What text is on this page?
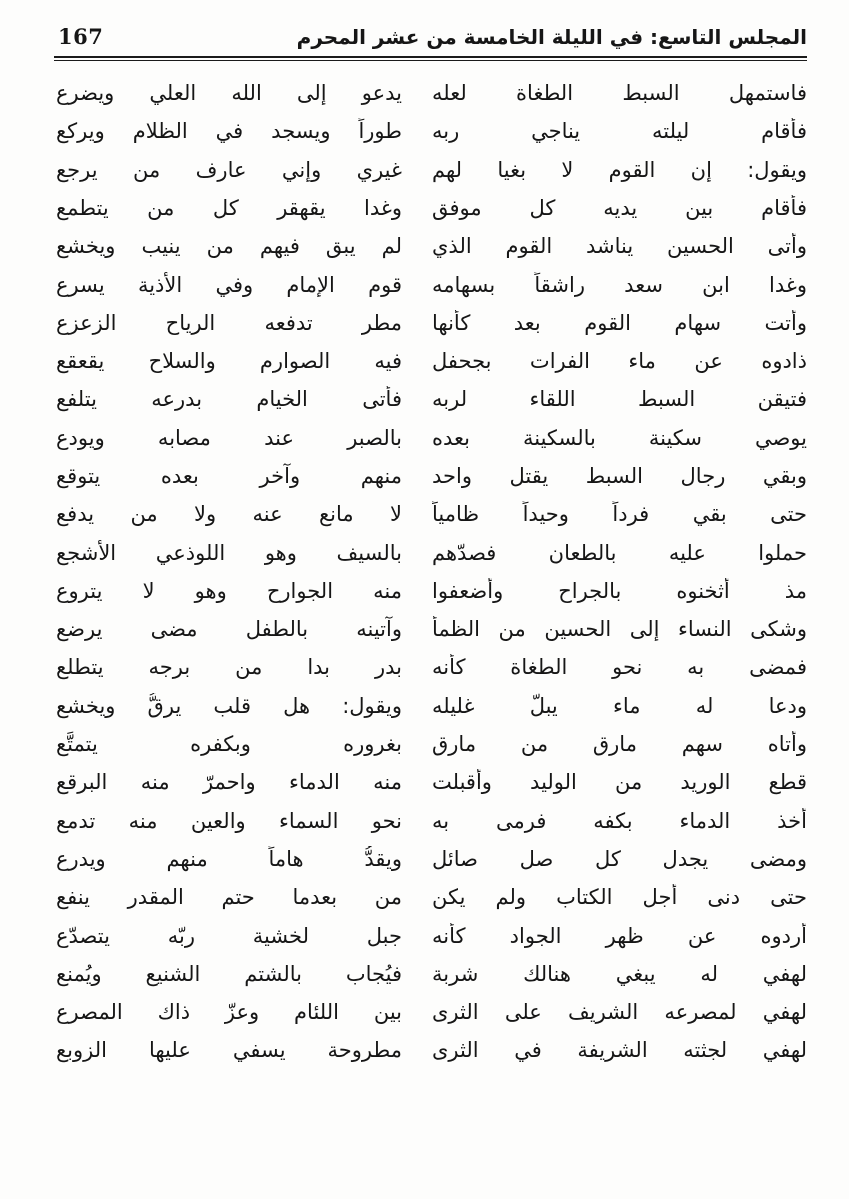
167	المجلس التاسع: في الليلة الخامسة من عشر المحرم
فاستمهل السبط الطغاة لعله
يدعو إلى الله العلي ويضرع
فأقام ليلته يناجي ربه
طوراً ويسجد في الظلام ويركع
ويقول: إن القوم لا بغيا لهم
غيري وإني عارف من يرجع
فأقام بين يديه كل موفق
وغدا يقهقر كل من يتطمع
وأتى الحسين يناشد القوم الذي
لم يبق فيهم من ينيب ويخشع
وغدا ابن سعد راشقاً بسهامه
قوم الإمام وفي الأذية يسرع
وأتت سهام القوم بعد كأنها
مطر تدفعه الرياح الزعزع
ذادوه عن ماء الفرات بجحفل
فيه الصوارم والسلاح يقعقع
فتيقن السبط اللقاء لربه
فأتى الخيام بدرعه يتلفع
يوصي سكينة بالسكينة بعده
بالصبر عند مصابه ويودع
وبقي رجال السبط يقتل واحد
منهم وآخر بعده يتوقع
حتى بقي فرداً وحيداً ظامياً
لا مانع عنه ولا من يدفع
حملوا عليه بالطعان فصدّهم
بالسيف وهو اللوذعي الأشجع
مذ أثخنوه بالجراح وأضعفوا
منه الجوارح وهو لا يتروع
وشكى النساء إلى الحسين من الظمأ
وآتينه بالطفل مضى يرضع
فمضى به نحو الطغاة كأنه
بدر بدا من برجه يتطلع
ودعا له ماء يبلّ غليله
ويقول: هل قلب يرقُّ ويخشع
وأتاه سهم مارق من مارق
بغروره وبكفره يتمتَّع
قطع الوريد من الوليد وأقبلت
منه الدماء واحمرّ منه البرقع
أخذ الدماء بكفه فرمى به
نحو السماء والعين منه تدمع
ومضى يجدل كل صل صائل
ويقدُّ هاماً منهم ويدرع
حتى دنى أجل الكتاب ولم يكن
من بعدما حتم المقدر ينفع
أردوه عن ظهر الجواد كأنه
جبل لخشية ربّه يتصدّع
لهفي له يبغي هنالك شربة
فيُجاب بالشتم الشنيع ويُمنع
لهفي لمصرعه الشريف على الثرى
بين اللئام وعزّ ذاك المصرع
لهفي لجثته الشريفة في الثرى
مطروحة يسفي عليها الزوبع
